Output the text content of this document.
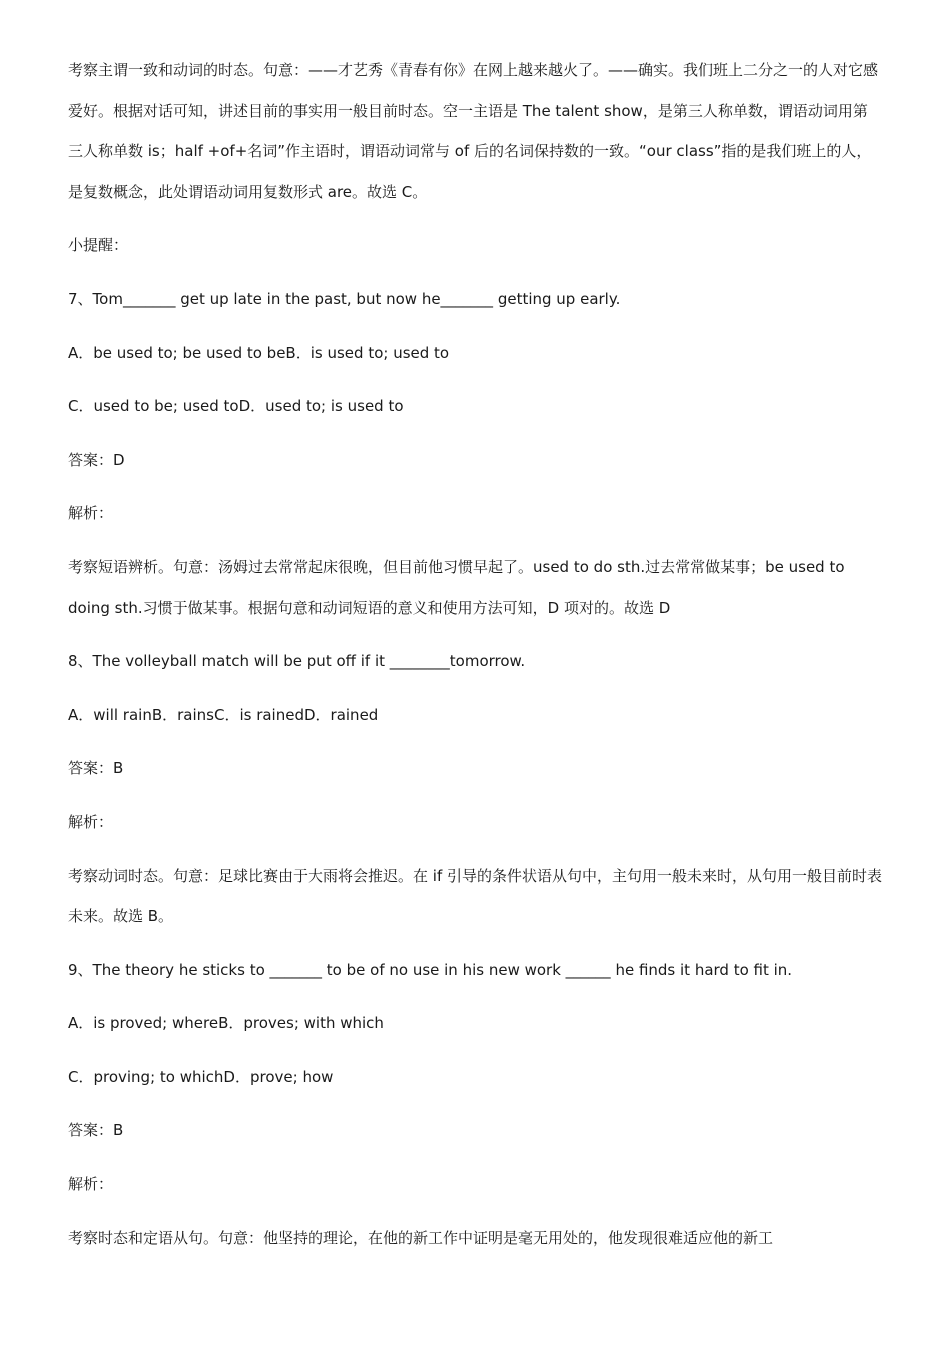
考察主谓一致和动词的时态。句意：——才艺秀《青春有你》在网上越来越火了。——确实。我们班上二分之一的人对它感爱好。根据对话可知，讲述目前的事实用一般目前时态。空一主语是 The talent show，是第三人称单数，谓语动词用第三人称单数 is；half +of+名词”作主语时，谓语动词常与 of 后的名词保持数的一致。“our class”指的是我们班上的人，是复数概念，此处谓语动词用复数形式 are。故选 C。

小提醒：

7、Tom_______ get up late in the past, but now he_______ getting up early.

A．be used to; be used to beB．is used to; used to

C．used to be; used toD．used to; is used to

答案：D

解析：

考察短语辨析。句意：汤姆过去常常起床很晚，但目前他习惯早起了。used to do sth.过去常常做某事；be used to doing sth.习惯于做某事。根据句意和动词短语的意义和使用方法可知，D 项对的。故选 D

8、The volleyball match will be put off if it ________tomorrow.

A．will rainB．rainsC．is rainedD．rained

答案：B

解析：

考察动词时态。句意：足球比赛由于大雨将会推迟。在 if 引导的条件状语从句中，主句用一般未来时，从句用一般目前时表未来。故选 B。

9、The theory he sticks to _______ to be of no use in his new work ______ he finds it hard to fit in.

A．is proved; whereB．proves; with which

C．proving; to whichD．prove; how

答案：B

解析：

考察时态和定语从句。句意：他坚持的理论，在他的新工作中证明是毫无用处的，他发现很难适应他的新工
